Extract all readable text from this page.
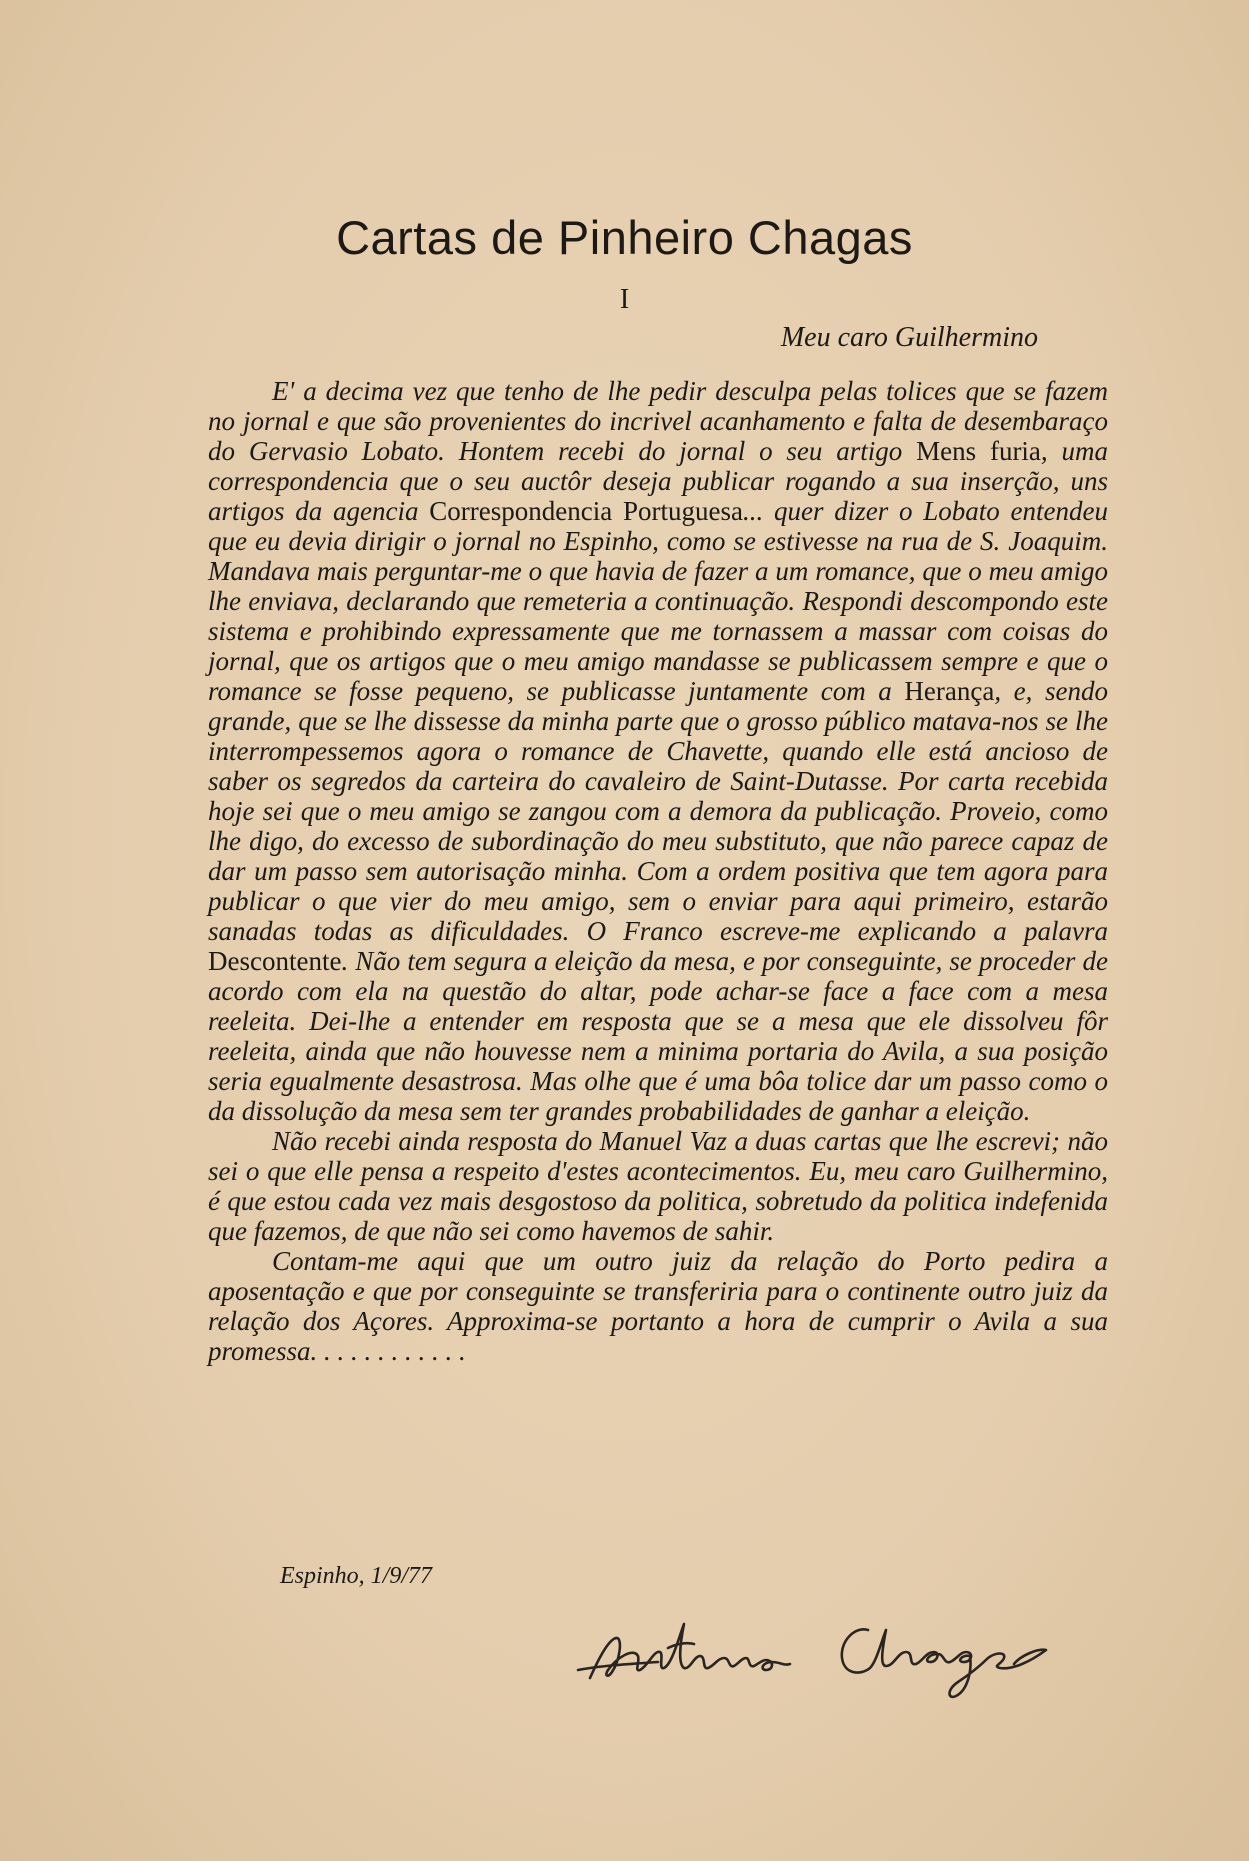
Cartas de Pinheiro Chagas
I
Meu caro Guilhermino

E' a decima vez que tenho de lhe pedir desculpa pelas tolices que se fazem no jornal e que são provenientes do incrivel acanhamento e falta de desembaraço do Gervasio Lobato. Hontem recebi do jornal o seu artigo Mens furia, uma correspondencia que o seu auctôr deseja publicar rogando a sua inserção, uns artigos da agencia Correspondencia Portuguesa... quer dizer o Lobato entendeu que eu devia dirigir o jornal no Espinho, como se estivesse na rua de S. Joaquim. Mandava mais perguntar-me o que havia de fazer a um romance, que o meu amigo lhe enviava, declarando que remeteria a continuação. Respondi descompondo este sistema e prohibindo expressamente que me tornassem a massar com coisas do jornal, que os artigos que o meu amigo mandasse se publicassem sempre e que o romance se fosse pequeno, se publicasse juntamente com a Herança, e, sendo grande, que se lhe dissesse da minha parte que o grosso público matava-nos se lhe interrompessemos agora o romance de Chavette, quando elle está ancioso de saber os segredos da carteira do cavaleiro de Saint-Dutasse. Por carta recebida hoje sei que o meu amigo se zangou com a demora da publicação. Proveio, como lhe digo, do excesso de subordinação do meu substituto, que não parece capaz de dar um passo sem autorisação minha. Com a ordem positiva que tem agora para publicar o que vier do meu amigo, sem o enviar para aqui primeiro, estarão sanadas todas as dificuldades. O Franco escreve-me explicando a palavra Descontente. Não tem segura a eleição da mesa, e por conseguinte, se proceder de acordo com ela na questão do altar, pode achar-se face a face com a mesa reeleita. Dei-lhe a entender em resposta que se a mesa que ele dissolveu fôr reeleita, ainda que não houvesse nem a minima portaria do Avila, a sua posição seria egualmente desastrosa. Mas olhe que é uma bôa tolice dar um passo como o da dissolução da mesa sem ter grandes probabilidades de ganhar a eleição.

Não recebi ainda resposta do Manuel Vaz a duas cartas que lhe escrevi; não sei o que elle pensa a respeito d'estes acontecimentos. Eu, meu caro Guilhermino, é que estou cada vez mais desgostoso da politica, sobretudo da politica indefenida que fazemos, de que não sei como havemos de sahir.

Contam-me aqui que um outro juiz da relação do Porto pedira a aposentação e que por conseguinte se transferiria para o continente outro juiz da relação dos Açores. Approxima-se portanto a hora de cumprir o Avila a sua promessa. . . . . . . . . . . .

Espinho, 1/9/77
